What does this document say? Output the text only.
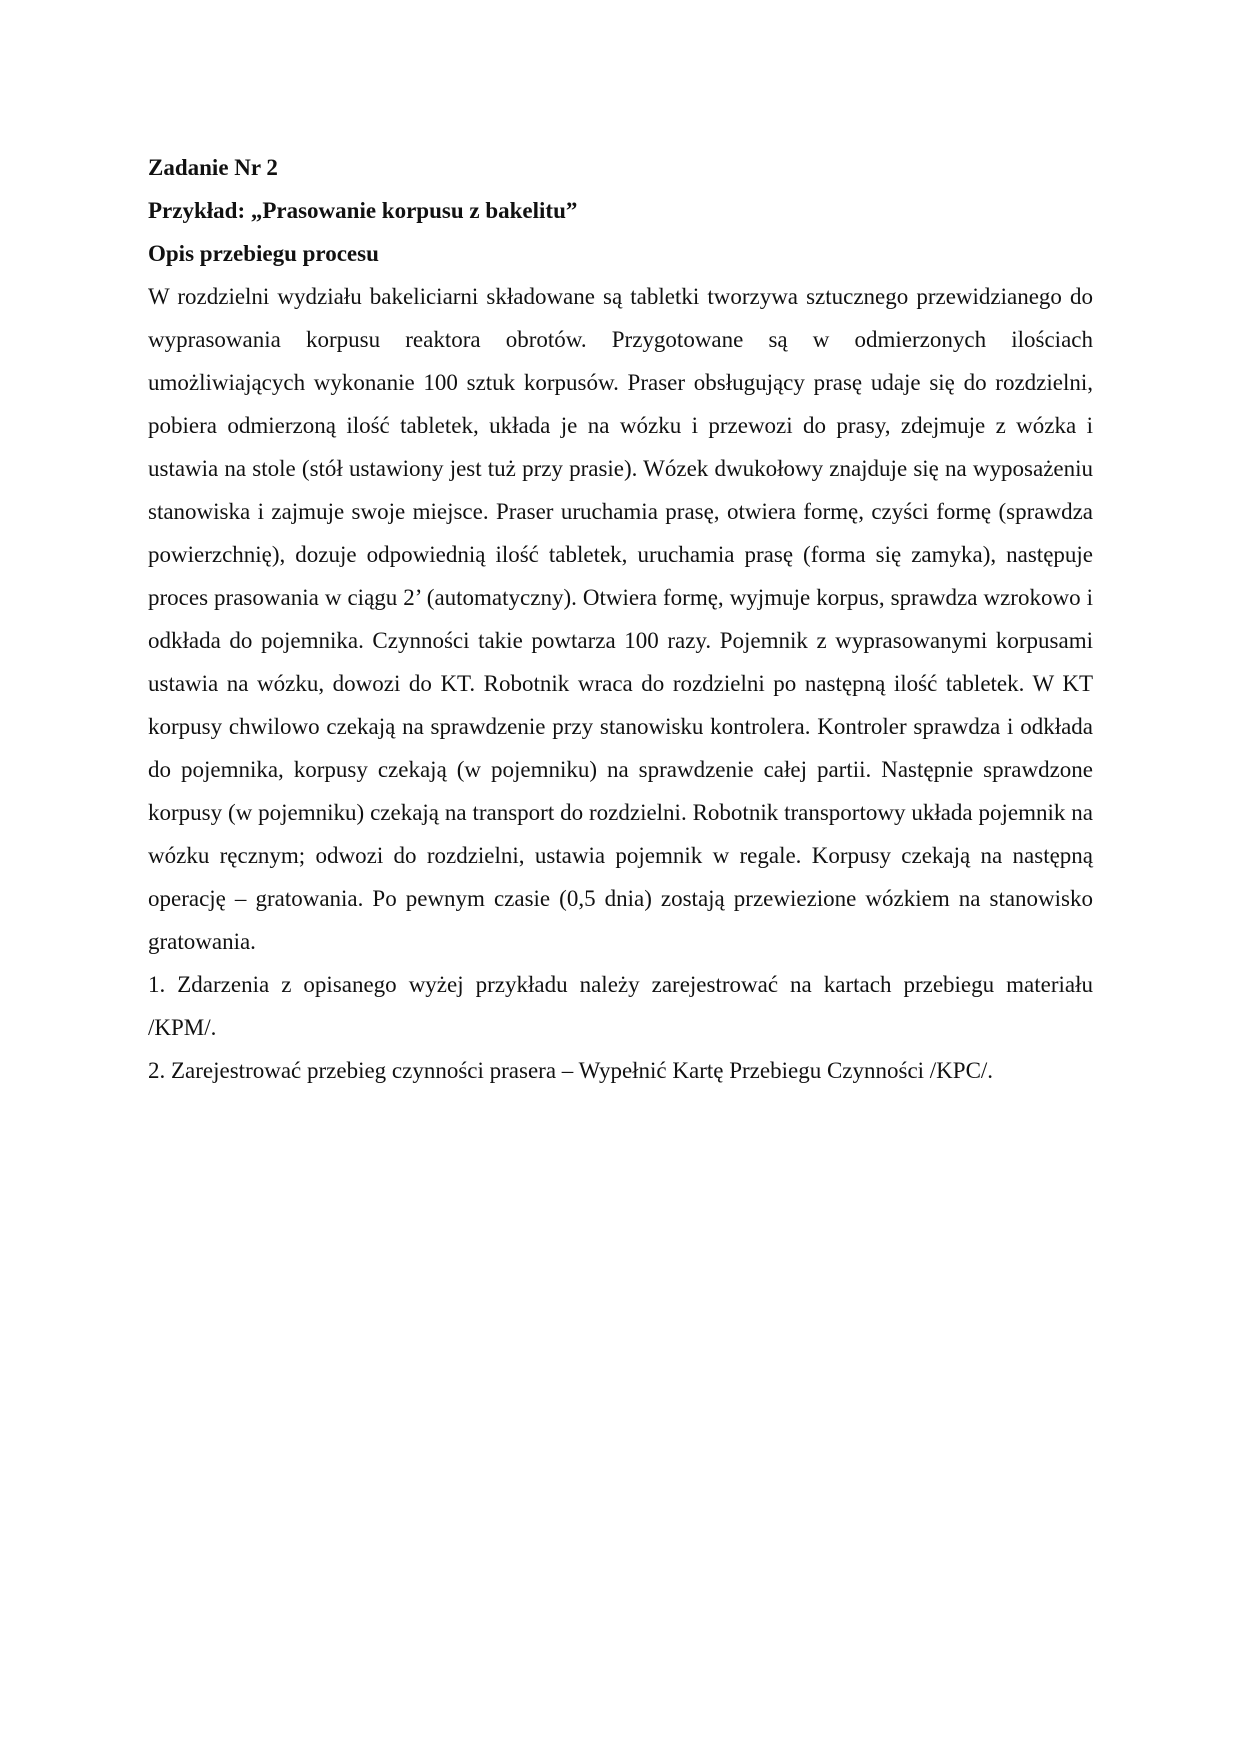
Zadanie Nr 2

Przykład: „Prasowanie korpusu z bakelitu”

Opis przebiegu procesu

W rozdzielni wydziału bakeliciarni składowane są tabletki tworzywa sztucznego przewidzianego do wyprasowania korpusu reaktora obrotów. Przygotowane są w odmierzonych ilościach umożliwiających wykonanie 100 sztuk korpusów. Praser obsługujący prasę udaje się do rozdzielni, pobiera odmierzoną ilość tabletek, układa je na wózku i przewozi do prasy, zdejmuje z wózka i ustawia na stole (stół ustawiony jest tuż przy prasie). Wózek dwukołowy znajduje się na wyposażeniu stanowiska i zajmuje swoje miejsce. Praser uruchamia prasę, otwiera formę, czyści formę (sprawdza powierzchnię), dozuje odpowiednią ilość tabletek, uruchamia prasę (forma się zamyka), następuje proces prasowania w ciągu 2’ (automatyczny). Otwiera formę, wyjmuje korpus, sprawdza wzrokowo i odkłada do pojemnika. Czynności takie powtarza 100 razy. Pojemnik z wyprasowanymi korpusami ustawia na wózku, dowozi do KT. Robotnik wraca do rozdzielni po następną ilość tabletek. W KT korpusy chwilowo czekają na sprawdzenie przy stanowisku kontrolera. Kontroler sprawdza i odkłada do pojemnika, korpusy czekają (w pojemniku) na sprawdzenie całej partii. Następnie sprawdzone korpusy (w pojemniku) czekają na transport do rozdzielni. Robotnik transportowy układa pojemnik na wózku ręcznym; odwozi do rozdzielni, ustawia pojemnik w regale. Korpusy czekają na następną operację – gratowania. Po pewnym czasie (0,5 dnia) zostają przewiezione wózkiem na stanowisko gratowania.

1. Zdarzenia z opisanego wyżej przykładu należy zarejestrować na kartach przebiegu materiału /KPM/.

2. Zarejestrować przebieg czynności prasera – Wypełnić Kartę Przebiegu Czynności /KPC/.
